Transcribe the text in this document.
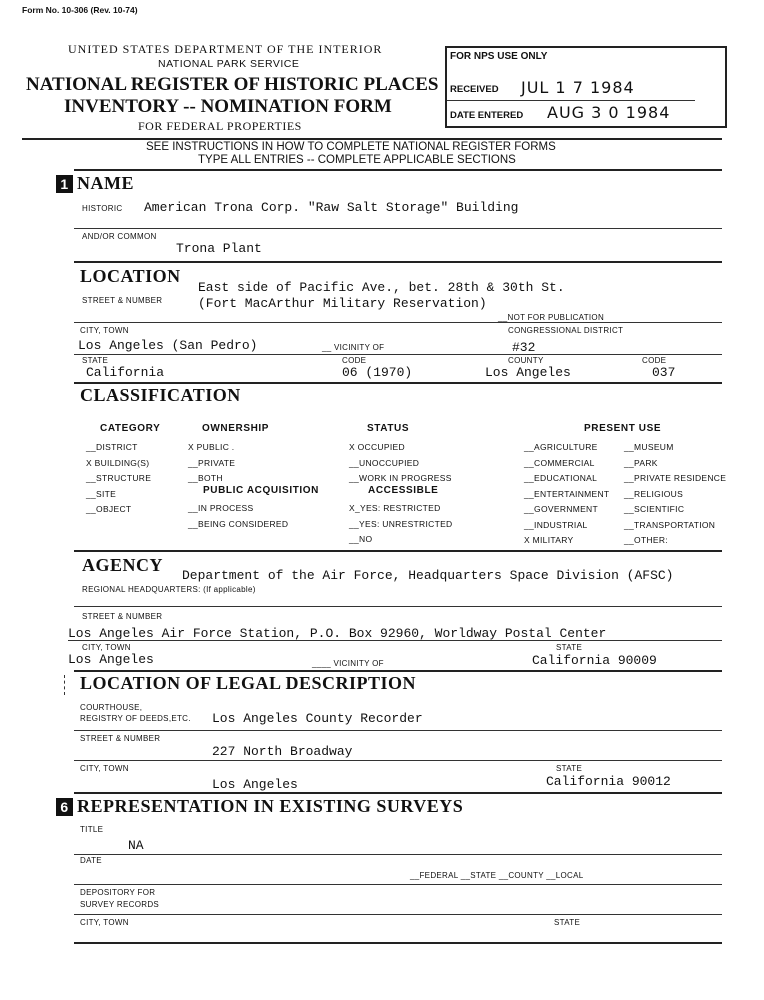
Form No. 10-306 (Rev. 10-74)
UNITED STATES DEPARTMENT OF THE INTERIOR
NATIONAL PARK SERVICE
NATIONAL REGISTER OF HISTORIC PLACES
INVENTORY -- NOMINATION FORM
FOR FEDERAL PROPERTIES
FOR NPS USE ONLY
RECEIVED JUL 1 7 1984
DATE ENTERED AUG 3 0 1984
SEE INSTRUCTIONS IN HOW TO COMPLETE NATIONAL REGISTER FORMS
TYPE ALL ENTRIES -- COMPLETE APPLICABLE SECTIONS
1 NAME
HISTORIC American Trona Corp. "Raw Salt Storage" Building
AND/OR COMMON
Trona Plant
LOCATION
STREET & NUMBER
East side of Pacific Ave., bet. 28th & 30th St.
(Fort MacArthur Military Reservation)
__NOT FOR PUBLICATION
CITY, TOWN	CONGRESSIONAL DISTRICT
Los Angeles (San Pedro)	__ VICINITY OF	#32
STATE	CODE	COUNTY	CODE
California	06 (1970)	Los Angeles	037
CLASSIFICATION
CATEGORY
__DISTRICT
X BUILDING(S)
__STRUCTURE
__SITE
__OBJECT
OWNERSHIP
X PUBLIC .
__PRIVATE
__BOTH
PUBLIC ACQUISITION
__IN PROCESS
__BEING CONSIDERED
STATUS
X OCCUPIED
__UNOCCUPIED
__WORK IN PROGRESS
ACCESSIBLE
X_YES: RESTRICTED
__YES: UNRESTRICTED
__NO
PRESENT USE
__AGRICULTURE
__COMMERCIAL
__EDUCATIONAL
__ENTERTAINMENT
__GOVERNMENT
__INDUSTRIAL
X MILITARY
__MUSEUM
__PARK
__PRIVATE RESIDENCE
__RELIGIOUS
__SCIENTIFIC
__TRANSPORTATION
__OTHER:
AGENCY
Department of the Air Force, Headquarters Space Division (AFSC)
REGIONAL HEADQUARTERS: (If applicable)
STREET & NUMBER
Los Angeles Air Force Station, P.O. Box 92960, Worldway Postal Center
CITY, TOWN	STATE
Los Angeles	____ VICINITY OF	California 90009
LOCATION OF LEGAL DESCRIPTION
COURTHOUSE,
REGISTRY OF DEEDS,ETC. Los Angeles County Recorder
STREET & NUMBER
227 North Broadway
CITY, TOWN	STATE
Los Angeles	California 90012
6 REPRESENTATION IN EXISTING SURVEYS
TITLE
NA
DATE
__FEDERAL __STATE __COUNTY __LOCAL
DEPOSITORY FOR
SURVEY RECORDS
CITY, TOWN	STATE
